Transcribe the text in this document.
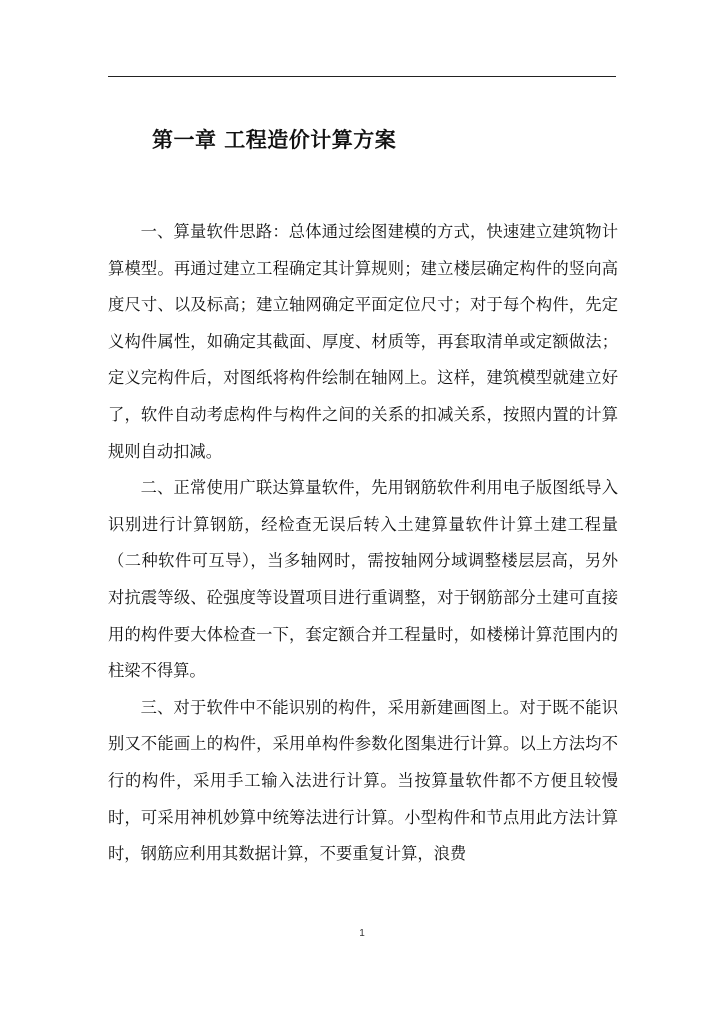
第一章 工程造价计算方案

一、算量软件思路：总体通过绘图建模的方式，快速建立建筑物计算模型。再通过建立工程确定其计算规则；建立楼层确定构件的竖向高度尺寸、以及标高；建立轴网确定平面定位尺寸；对于每个构件，先定义构件属性，如确定其截面、厚度、材质等，再套取清单或定额做法；定义完构件后，对图纸将构件绘制在轴网上。这样，建筑模型就建立好了，软件自动考虑构件与构件之间的关系的扣减关系，按照内置的计算规则自动扣减。

二、正常使用广联达算量软件，先用钢筋软件利用电子版图纸导入识别进行计算钢筋，经检查无误后转入土建算量软件计算土建工程量（二种软件可互导），当多轴网时，需按轴网分域调整楼层层高，另外对抗震等级、砼强度等设置项目进行重调整，对于钢筋部分土建可直接用的构件要大体检查一下，套定额合并工程量时，如楼梯计算范围内的柱梁不得算。

三、对于软件中不能识别的构件，采用新建画图上。对于既不能识别又不能画上的构件，采用单构件参数化图集进行计算。以上方法均不行的构件，采用手工输入法进行计算。当按算量软件都不方便且较慢时，可采用神机妙算中统筹法进行计算。小型构件和节点用此方法计算时，钢筋应利用其数据计算，不要重复计算，浪费

1
